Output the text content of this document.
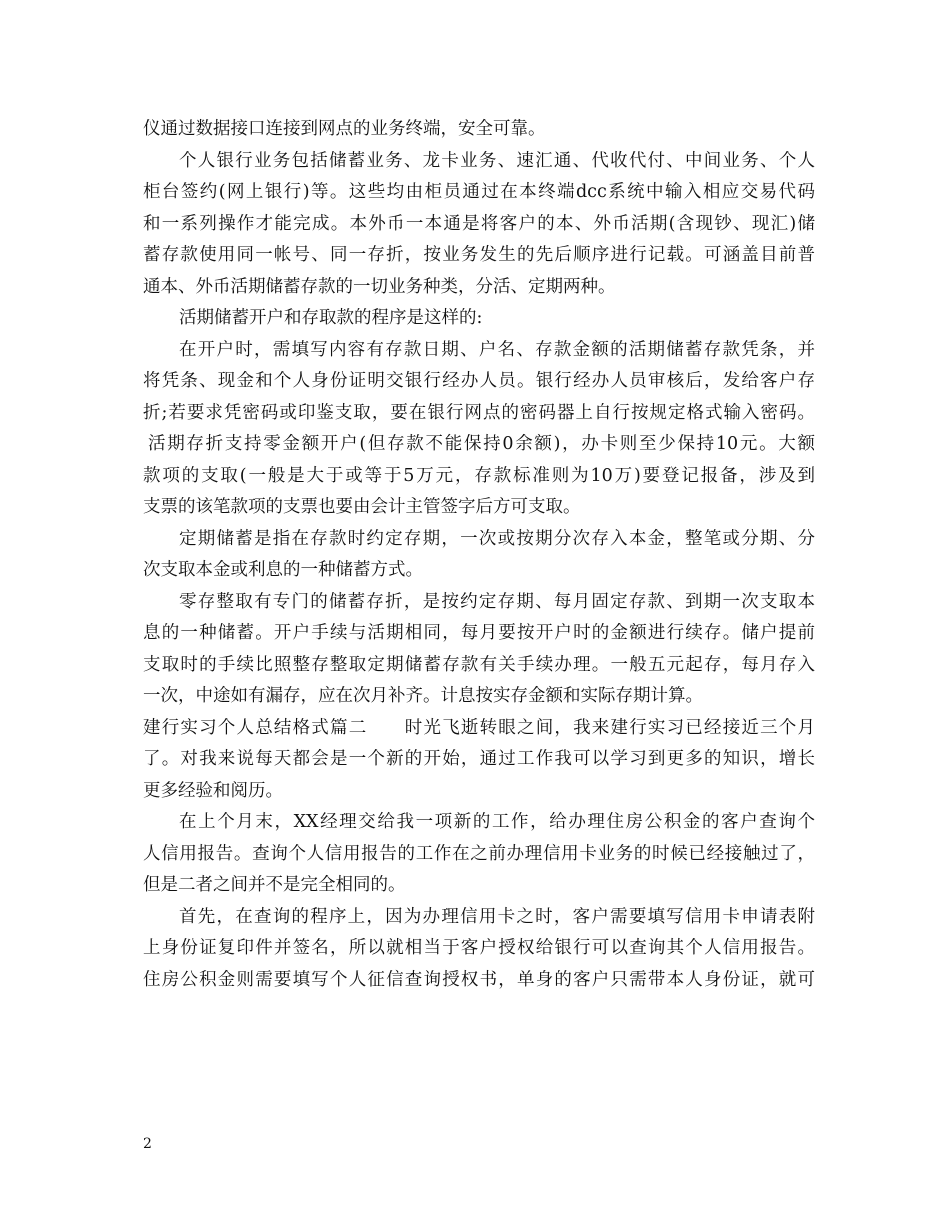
仪通过数据接口连接到网点的业务终端，安全可靠。
个人银行业务包括储蓄业务、龙卡业务、速汇通、代收代付、中间业务、个人
柜台签约(网上银行)等。这些均由柜员通过在本终端dcc系统中输入相应交易代码
和一系列操作才能完成。本外币一本通是将客户的本、外币活期(含现钞、现汇)储
蓄存款使用同一帐号、同一存折，按业务发生的先后顺序进行记载。可涵盖目前普
通本、外币活期储蓄存款的一切业务种类，分活、定期两种。
活期储蓄开户和存取款的程序是这样的:
在开户时，需填写内容有存款日期、户名、存款金额的活期储蓄存款凭条，并
将凭条、现金和个人身份证明交银行经办人员。银行经办人员审核后，发给客户存
折;若要求凭密码或印鉴支取，要在银行网点的密码器上自行按规定格式输入密码。
活期存折支持零金额开户(但存款不能保持0余额)，办卡则至少保持10元。大额
款项的支取(一般是大于或等于5万元，存款标准则为10万)要登记报备，涉及到
支票的该笔款项的支票也要由会计主管签字后方可支取。
定期储蓄是指在存款时约定存期，一次或按期分次存入本金，整笔或分期、分
次支取本金或利息的一种储蓄方式。
零存整取有专门的储蓄存折，是按约定存期、每月固定存款、到期一次支取本
息的一种储蓄。开户手续与活期相同，每月要按开户时的金额进行续存。储户提前
支取时的手续比照整存整取定期储蓄存款有关手续办理。一般五元起存，每月存入
一次，中途如有漏存，应在次月补齐。计息按实存金额和实际存期计算。
建行实习个人总结格式篇二　　时光飞逝转眼之间，我来建行实习已经接近三个月
了。对我来说每天都会是一个新的开始，通过工作我可以学习到更多的知识，增长
更多经验和阅历。
在上个月末，XX经理交给我一项新的工作，给办理住房公积金的客户查询个
人信用报告。查询个人信用报告的工作在之前办理信用卡业务的时候已经接触过了，
但是二者之间并不是完全相同的。
首先，在查询的程序上，因为办理信用卡之时，客户需要填写信用卡申请表附
上身份证复印件并签名，所以就相当于客户授权给银行可以查询其个人信用报告。
住房公积金则需要填写个人征信查询授权书，单身的客户只需带本人身份证，就可
2
